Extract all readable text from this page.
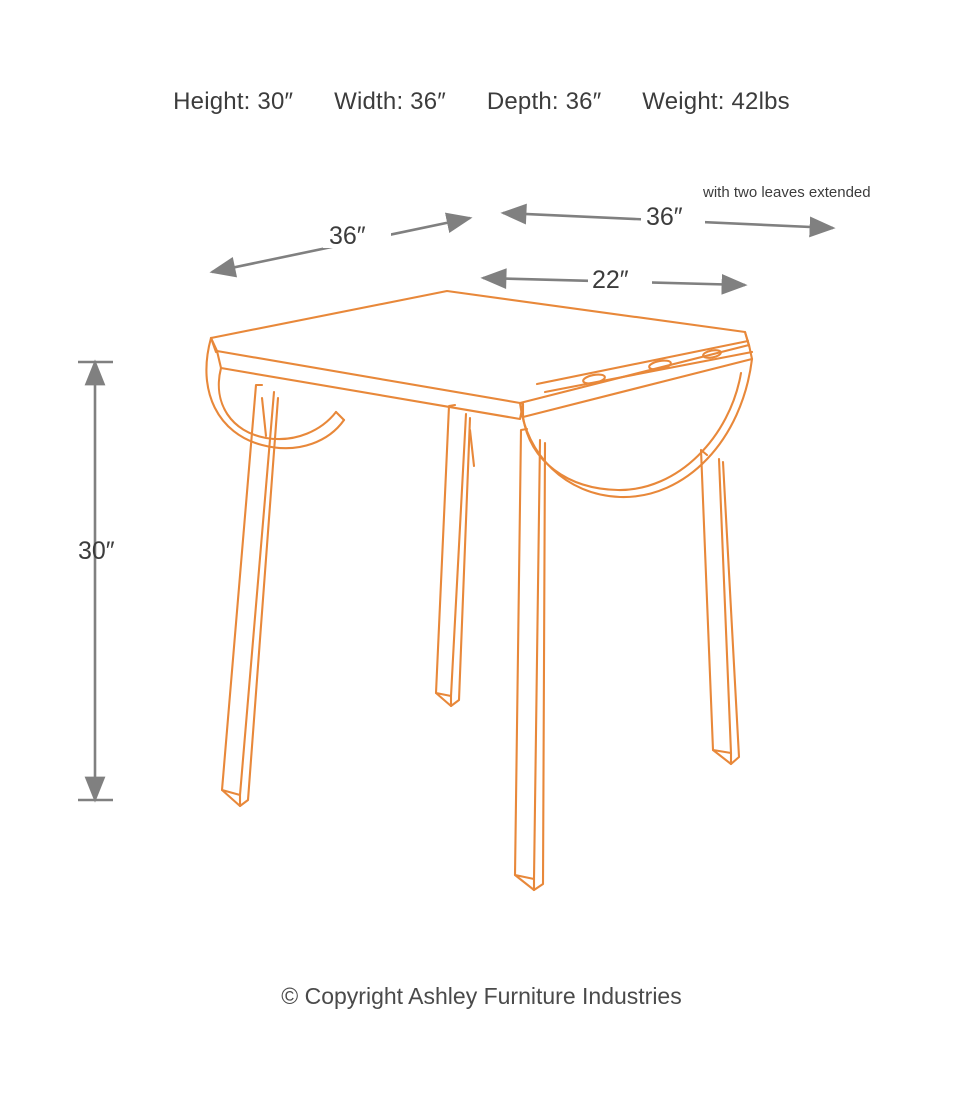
Height: 30″ Width: 36″ Depth: 36″ Weight: 42lbs
with two leaves extended
36″
36″
22″
30″
© Copyright Ashley Furniture Industries
